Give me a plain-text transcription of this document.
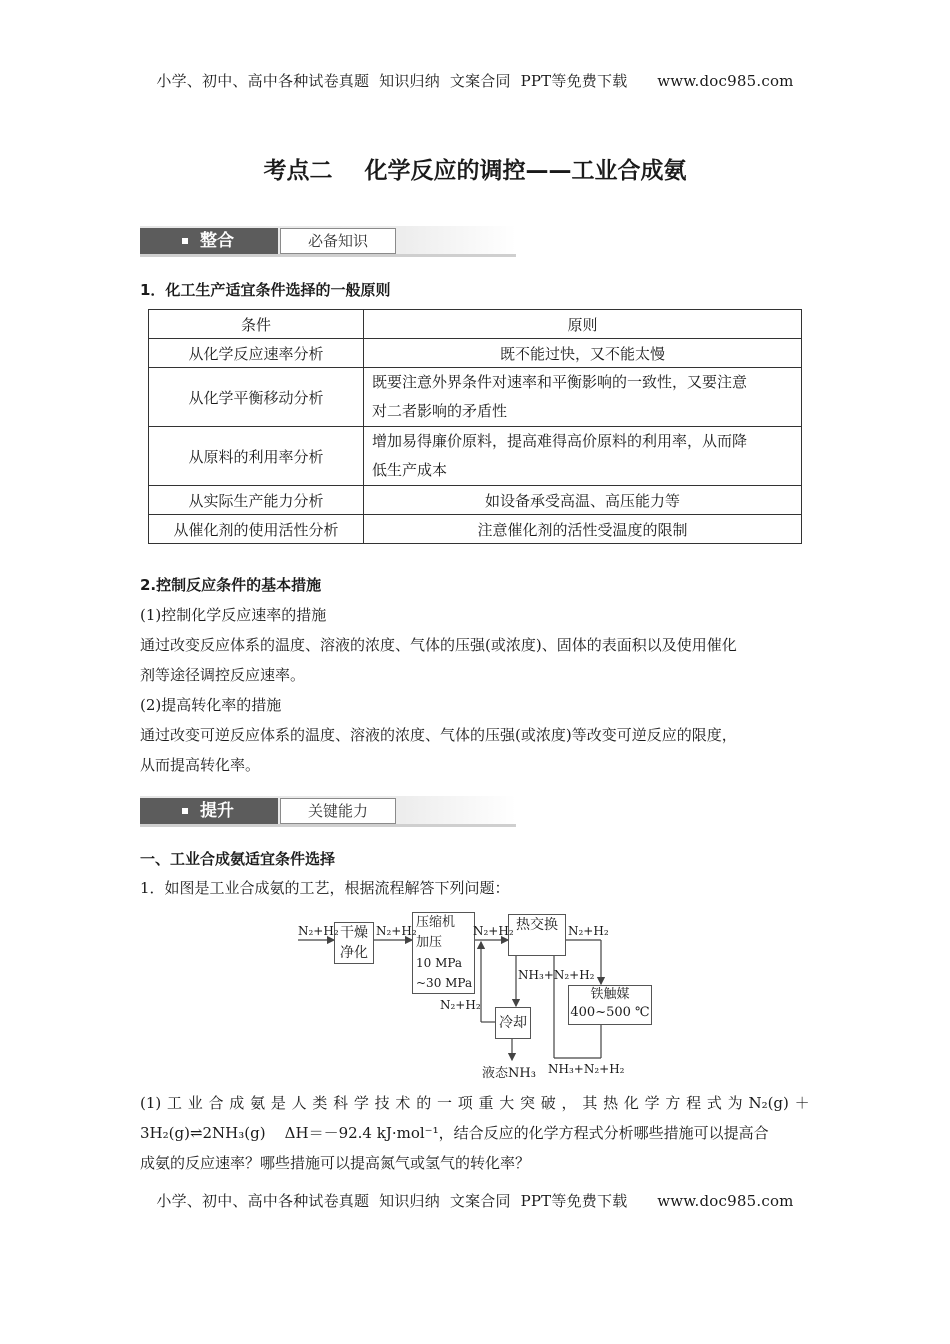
小学、初中、高中各种试卷真题  知识归纳  文案合同  PPT等免费下载      www.doc985.com
考点二    化学反应的调控——工业合成氨
整合	必备知识
1．化工生产适宜条件选择的一般原则
条件	原则
从化学反应速率分析	既不能过快，又不能太慢
从化学平衡移动分析	既要注意外界条件对速率和平衡影响的一致性，又要注意
对二者影响的矛盾性

从原料的利用率分析	增加易得廉价原料，提高难得高价原料的利用率，从而降
低生产成本

从实际生产能力分析	如设备承受高温、高压能力等
从催化剂的使用活性分析	注意催化剂的活性受温度的限制
2.控制反应条件的基本措施
(1)控制化学反应速率的措施
通过改变反应体系的温度、溶液的浓度、气体的压强(或浓度)、固体的表面积以及使用催化
剂等途径调控反应速率。
(2)提高转化率的措施
通过改变可逆反应体系的温度、溶液的浓度、气体的压强(或浓度)等改变可逆反应的限度，
从而提高转化率。
提升	关键能力
一、工业合成氨适宜条件选择
1．如图是工业合成氨的工艺，根据流程解答下列问题：
干燥
净化
压缩机
加压
10 MPa
~30 MPa
热交换
铁触媒
400~500 ℃
冷却
N₂+H₂	N₂+H₂	N₂+H₂	N₂+H₂
NH₃+N₂+H₂
N₂+H₂
液态NH₃ NH₃+N₂+H₂
(1) 工 业 合 成 氨 是 人 类 科 学 技 术 的 一 项 重 大 突 破 ， 其 热 化 学 方 程 式 为 N₂(g) ＋
3H₂(g)⇌2NH₃(g)    ΔH＝－92.4 kJ·mol⁻¹，结合反应的化学方程式分析哪些措施可以提高合
成氨的反应速率？哪些措施可以提高氮气或氢气的转化率？
小学、初中、高中各种试卷真题  知识归纳  文案合同  PPT等免费下载      www.doc985.com
